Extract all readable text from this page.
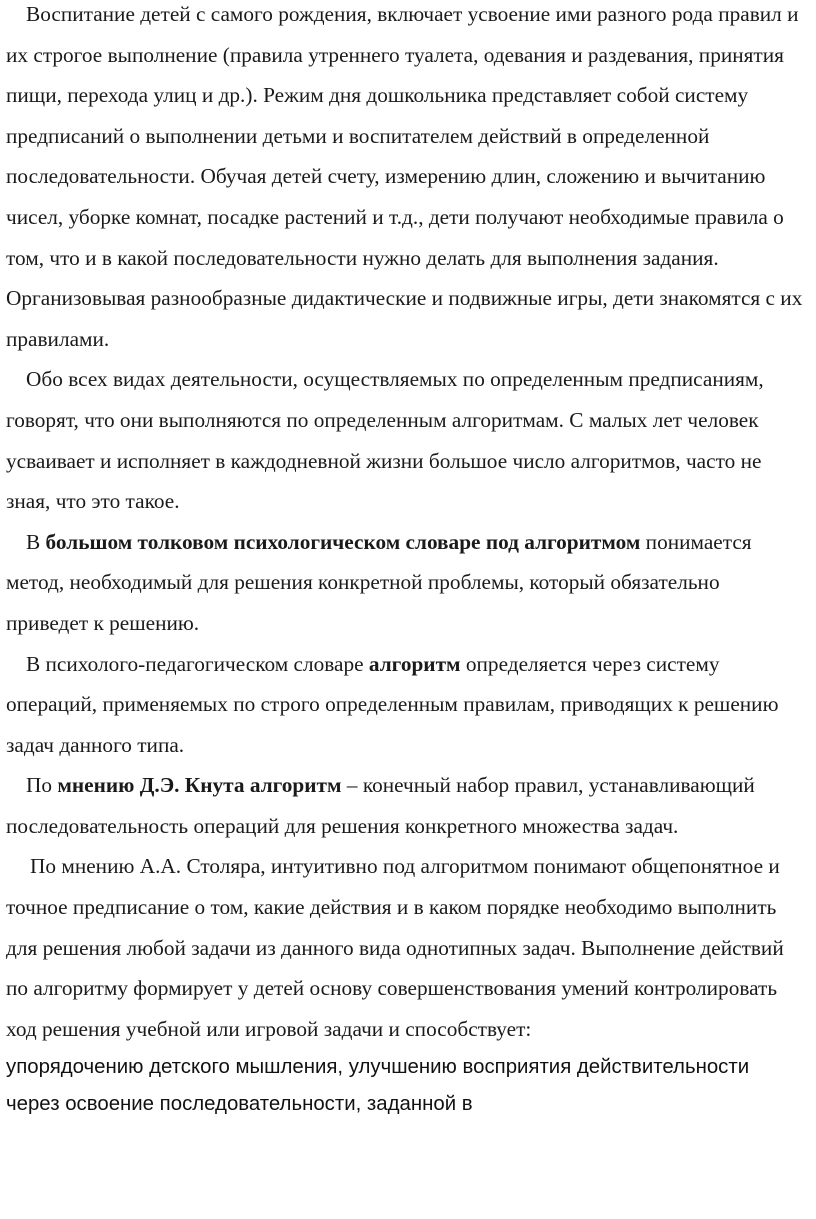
Воспитание детей с самого рождения, включает усвоение ими разного рода правил и их строгое выполнение (правила утреннего туалета, одевания и раздевания, принятия пищи, перехода улиц и др.). Режим дня дошкольника представляет собой систему предписаний о выполнении детьми и воспитателем действий в определенной последовательности. Обучая детей счету, измерению длин, сложению и вычитанию чисел, уборке комнат, посадке растений и т.д., дети получают необходимые правила о том, что и в какой последовательности нужно делать для выполнения задания. Организовывая разнообразные дидактические и подвижные игры, дети знакомятся с их правилами.

Обо всех видах деятельности, осуществляемых по определенным предписаниям, говорят, что они выполняются по определенным алгоритмам. С малых лет человек усваивает и исполняет в каждодневной жизни большое число алгоритмов, часто не зная, что это такое.

В большом толковом психологическом словаре под алгоритмом понимается метод, необходимый для решения конкретной проблемы, который обязательно приведет к решению.

В психолого-педагогическом словаре алгоритм определяется через систему операций, применяемых по строго определенным правилам, приводящих к решению задач данного типа.

По мнению Д.Э. Кнута алгоритм – конечный набор правил, устанавливающий последовательность операций для решения конкретного множества задач.

По мнению А.А. Столяра, интуитивно под алгоритмом понимают общепонятное и точное предписание о том, какие действия и в каком порядке необходимо выполнить для решения любой задачи из данного вида однотипных задач. Выполнение действий по алгоритму формирует у детей основу совершенствования умений контролировать ход решения учебной или игровой задачи и способствует:

упорядочению детского мышления, улучшению восприятия действительности через освоение последовательности, заданной в
